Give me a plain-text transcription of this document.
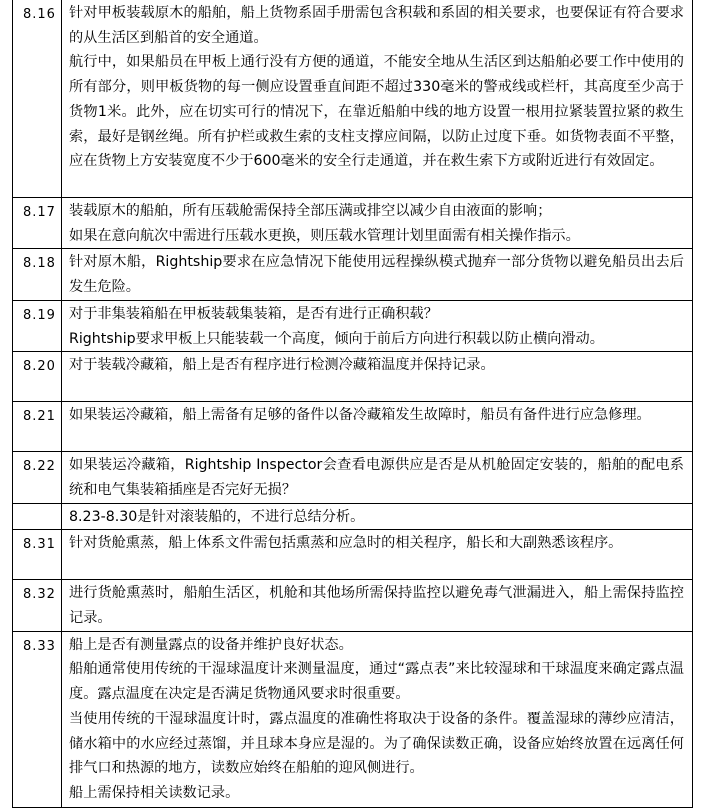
8.16	针对甲板装载原木的船舶，船上货物系固手册需包含积载和系固的相关要求，也要保证有符合要求的从生活区到船首的安全通道。

航行中，如果船员在甲板上通行没有方便的通道，不能安全地从生活区到达船舶必要工作中使用的所有部分，则甲板货物的每一侧应设置垂直间距不超过330毫米的警戒线或栏杆，其高度至少高于货物1米。此外，应在切实可行的情况下，在靠近船舶中线的地方设置一根用拉紧装置拉紧的救生索，最好是钢丝绳。所有护栏或救生索的支柱支撑应间隔，以防止过度下垂。如货物表面不平整，应在货物上方安装宽度不少于600毫米的安全行走通道，并在救生索下方或附近进行有效固定。

8.17	装载原木的船舶，所有压载舱需保持全部压满或排空以减少自由液面的影响；

如果在意向航次中需进行压载水更换，则压载水管理计划里面需有相关操作指示。

8.18	针对原木船，Rightship要求在应急情况下能使用远程操纵模式抛弃一部分货物以避免船员出去后发生危险。

8.19	对于非集装箱船在甲板装载集装箱，是否有进行正确积载？

Rightship要求甲板上只能装载一个高度，倾向于前后方向进行积载以防止横向滑动。

8.20	对于装载冷藏箱，船上是否有程序进行检测冷藏箱温度并保持记录。

8.21	如果装运冷藏箱，船上需备有足够的备件以备冷藏箱发生故障时，船员有备件进行应急修理。

8.22	如果装运冷藏箱，Rightship Inspector会查看电源供应是否是从机舱固定安装的，船舶的配电系统和电气集装箱插座是否完好无损？

	8.23-8.30是针对滚装船的，不进行总结分析。

8.31	针对货舱熏蒸，船上体系文件需包括熏蒸和应急时的相关程序，船长和大副熟悉该程序。

8.32	进行货舱熏蒸时，船舶生活区，机舱和其他场所需保持监控以避免毒气泄漏进入，船上需保持监控记录。

8.33	船上是否有测量露点的设备并维护良好状态。

船舶通常使用传统的干湿球温度计来测量温度，通过“露点表”来比较湿球和干球温度来确定露点温度。露点温度在决定是否满足货物通风要求时很重要。

当使用传统的干湿球温度计时，露点温度的准确性将取决于设备的条件。覆盖湿球的薄纱应清洁，储水箱中的水应经过蒸馏，并且球本身应是湿的。为了确保读数正确，设备应始终放置在远离任何排气口和热源的地方，读数应始终在船舶的迎风侧进行。

船上需保持相关读数记录。
